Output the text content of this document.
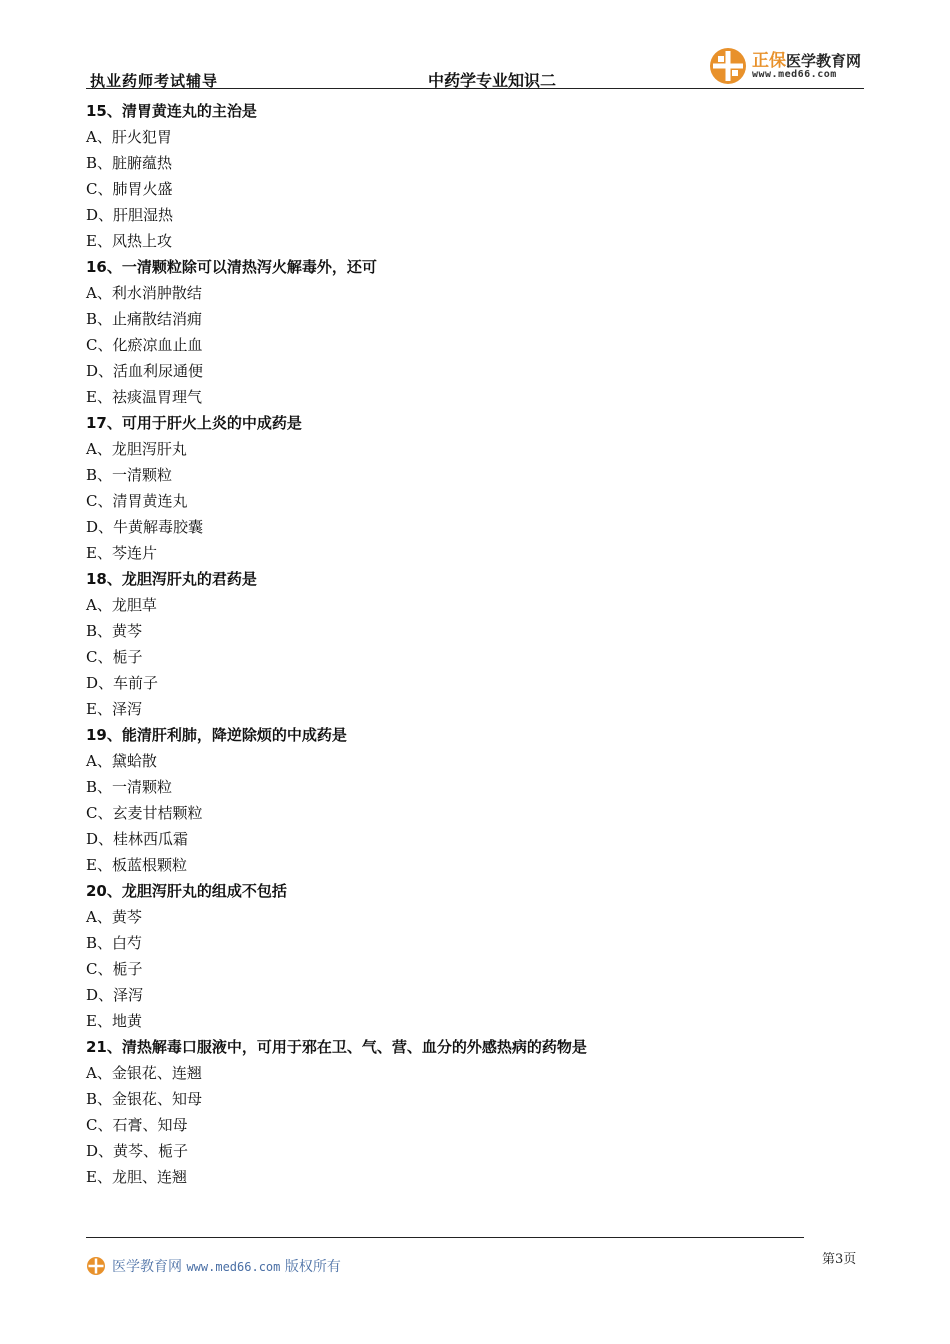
执业药师考试辅导	中药学专业知识二
正保医学教育网
www.med66.com
15、清胃黄连丸的主治是
A、肝火犯胃
B、脏腑蕴热
C、肺胃火盛
D、肝胆湿热
E、风热上攻
16、一清颗粒除可以清热泻火解毒外，还可
A、利水消肿散结
B、止痛散结消痈
C、化瘀凉血止血
D、活血利尿通便
E、祛痰温胃理气
17、可用于肝火上炎的中成药是
A、龙胆泻肝丸
B、一清颗粒
C、清胃黄连丸
D、牛黄解毒胶囊
E、芩连片
18、龙胆泻肝丸的君药是
A、龙胆草
B、黄芩
C、栀子
D、车前子
E、泽泻
19、能清肝利肺，降逆除烦的中成药是
A、黛蛤散
B、一清颗粒
C、玄麦甘桔颗粒
D、桂林西瓜霜
E、板蓝根颗粒
20、龙胆泻肝丸的组成不包括
A、黄芩
B、白芍
C、栀子
D、泽泻
E、地黄
21、清热解毒口服液中，可用于邪在卫、气、营、血分的外感热病的药物是
A、金银花、连翘
B、金银花、知母
C、石膏、知母
D、黄芩、栀子
E、龙胆、连翘
医学教育网 www.med66.com 版权所有	第3页
